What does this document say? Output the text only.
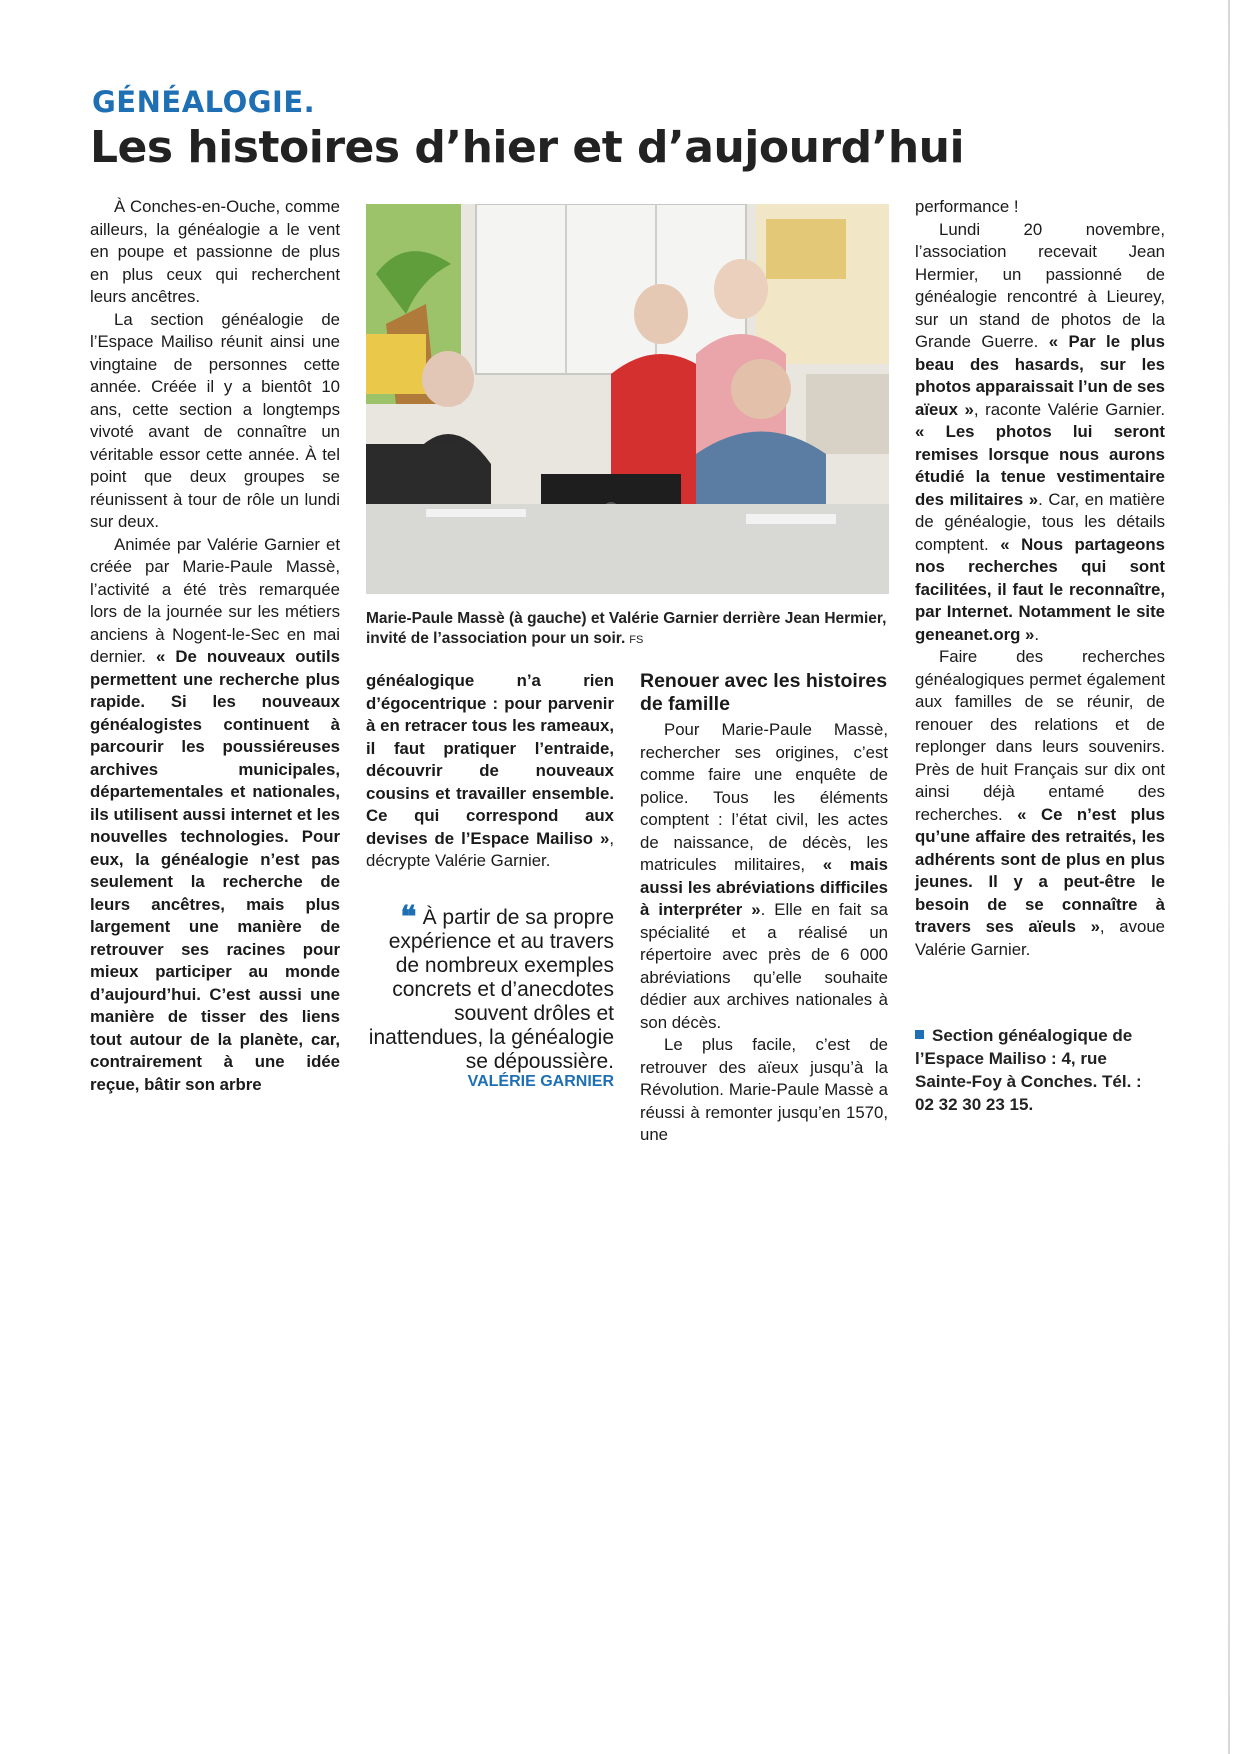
GÉNÉALOGIE.
Les histoires d’hier et d’aujourd’hui

À Conches-en-Ouche, comme ailleurs, la généalogie a le vent en poupe et passionne de plus en plus ceux qui recherchent leurs ancêtres.

La section généalogie de l’Espace Mailiso réunit ainsi une vingtaine de personnes cette année. Créée il y a bientôt 10 ans, cette section a longtemps vivoté avant de connaître un véritable essor cette année. À tel point que deux groupes se réunissent à tour de rôle un lundi sur deux.

Animée par Valérie Garnier et créée par Marie-Paule Massè, l’activité a été très remarquée lors de la journée sur les métiers anciens à Nogent-le-Sec en mai dernier. « De nouveaux outils permettent une recherche plus rapide. Si les nouveaux généalogistes continuent à parcourir les poussiéreuses archives municipales, départementales et nationales, ils utilisent aussi internet et les nouvelles technologies. Pour eux, la généalogie n’est pas seulement la recherche de leurs ancêtres, mais plus largement une manière de retrouver ses racines pour mieux participer au monde d’aujourd’hui. C’est aussi une manière de tisser des liens tout autour de la planète, car, contrairement à une idée reçue, bâtir son arbre

Marie-Paule Massè (à gauche) et Valérie Garnier derrière Jean Hermier, invité de l’association pour un soir. FS

généalogique n’a rien d’égocentrique : pour parvenir à en retracer tous les rameaux, il faut pratiquer l’entraide, découvrir de nouveaux cousins et travailler ensemble. Ce qui correspond aux devises de l’Espace Mailiso », décrypte Valérie Garnier.

❝ À partir de sa propre expérience et au travers de nombreux exemples concrets et d’anecdotes souvent drôles et inattendues, la généalogie se dépoussière.
VALÉRIE GARNIER
Renouer avec les histoires de famille

Pour Marie-Paule Massè, rechercher ses origines, c’est comme faire une enquête de police. Tous les éléments comptent : l’état civil, les actes de naissance, de décès, les matricules militaires, « mais aussi les abréviations difficiles à interpréter ». Elle en fait sa spécialité et a réalisé un répertoire avec près de 6 000 abréviations qu’elle souhaite dédier aux archives nationales à son décès.

Le plus facile, c’est de retrouver des aïeux jusqu’à la Révolution. Marie-Paule Massè a réussi à remonter jusqu’en 1570, une

performance !

Lundi 20 novembre, l’association recevait Jean Hermier, un passionné de généalogie rencontré à Lieurey, sur un stand de photos de la Grande Guerre. « Par le plus beau des hasards, sur les photos apparaissait l’un de ses aïeux », raconte Valérie Garnier. « Les photos lui seront remises lorsque nous aurons étudié la tenue vestimentaire des militaires ». Car, en matière de généalogie, tous les détails comptent. « Nous partageons nos recherches qui sont facilitées, il faut le reconnaître, par Internet. Notamment le site geneanet.org ».

Faire des recherches généalogiques permet également aux familles de se réunir, de renouer des relations et de replonger dans leurs souvenirs. Près de huit Français sur dix ont ainsi déjà entamé des recherches. « Ce n’est plus qu’une affaire des retraités, les adhérents sont de plus en plus jeunes. Il y a peut-être le besoin de se connaître à travers ses aïeuls », avoue Valérie Garnier.

Section généalogique de l’Espace Mailiso : 4, rue Sainte-Foy à Conches. Tél. : 02 32 30 23 15.
